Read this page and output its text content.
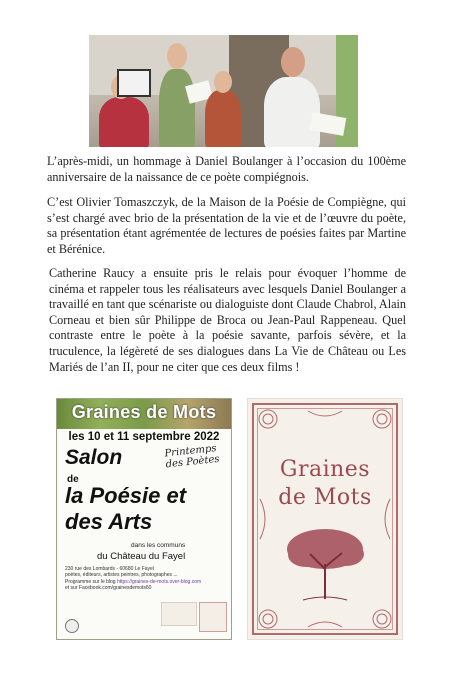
L’après-midi, un hommage à Daniel Boulanger à l’occasion du 100ème anniversaire de la naissance de ce poète compiégnois.

C’est Olivier Tomaszczyk, de la Maison de la Poésie de Compiègne, qui s’est chargé avec brio de la présentation de la vie et de l’œuvre du poète, sa présentation étant agrémentée de lectures de poésies faites par Martine et Bérénice.

Catherine Raucy a ensuite pris le relais pour évoquer l’homme de cinéma et rappeler tous les réalisateurs avec lesquels Daniel Boulanger a travaillé en tant que scénariste ou dialoguiste dont Claude Chabrol, Alain Corneau et bien sûr Philippe de Broca ou Jean-Paul Rappeneau. Quel contraste entre le poète à la poésie savante, parfois sévère, et la truculence, la légèreté de ses dialogues dans La Vie de Château ou Les Mariés de l’an II, pour ne citer que ces deux films !

Graines de Mots
les 10 et 11 septembre 2022
Salon	Printemps des Poètes
de
la Poésie et
des Arts
dans les communs
du Château du Fayel
230 rue des Lombards - 60680 Le Fayel
poètes, éditeurs, artistes peintres, photographes ...
Programme sur le blog https://graines-de-mots.over-blog.com
et sur Facebook.com/grainesdemots60
Graines
de Mots
